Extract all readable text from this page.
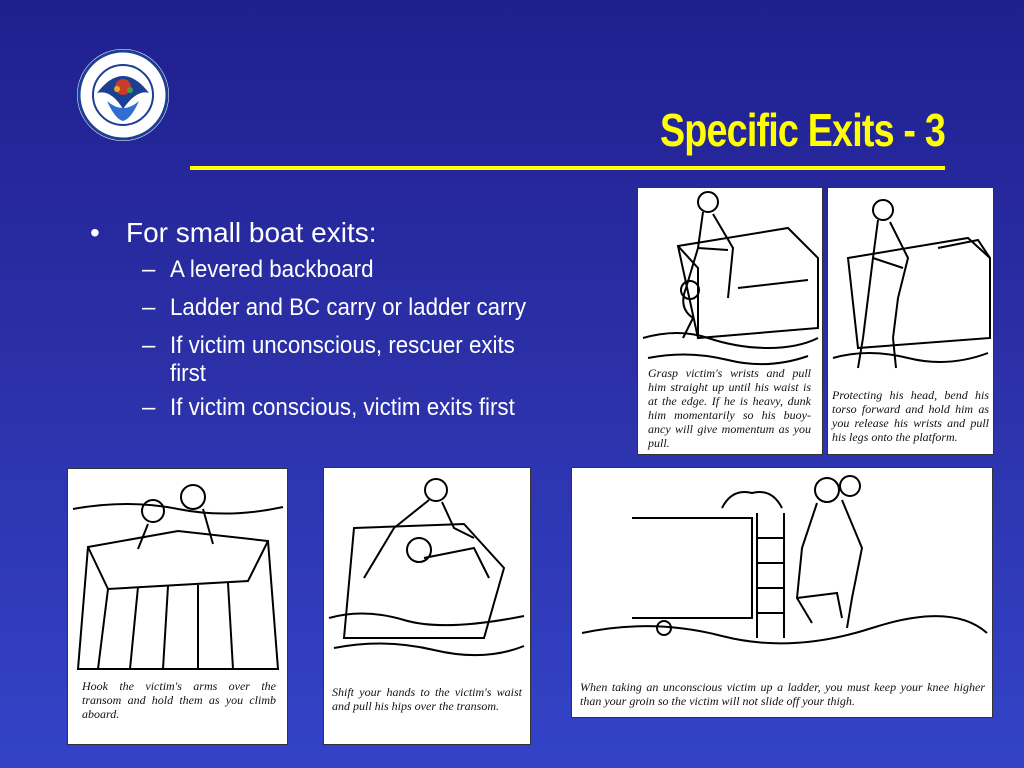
Specific Exits - 3
• For small boat exits:
– A levered backboard
– Ladder and BC carry or ladder carry
– If victim unconscious, rescuer exits
first
– If victim conscious, victim exits first
Grasp victim's wrists and pull him straight up until his waist is at the edge. If he is heavy, dunk him momentarily so his buoy-ancy will give momentum as you pull.
Protecting his head, bend his torso forward and hold him as you release his wrists and pull his legs onto the platform.
Hook the victim's arms over the transom and hold them as you climb aboard.
Shift your hands to the victim's waist and pull his hips over the transom.
When taking an unconscious victim up a ladder, you must keep your knee higher than your groin so the victim will not slide off your thigh.
